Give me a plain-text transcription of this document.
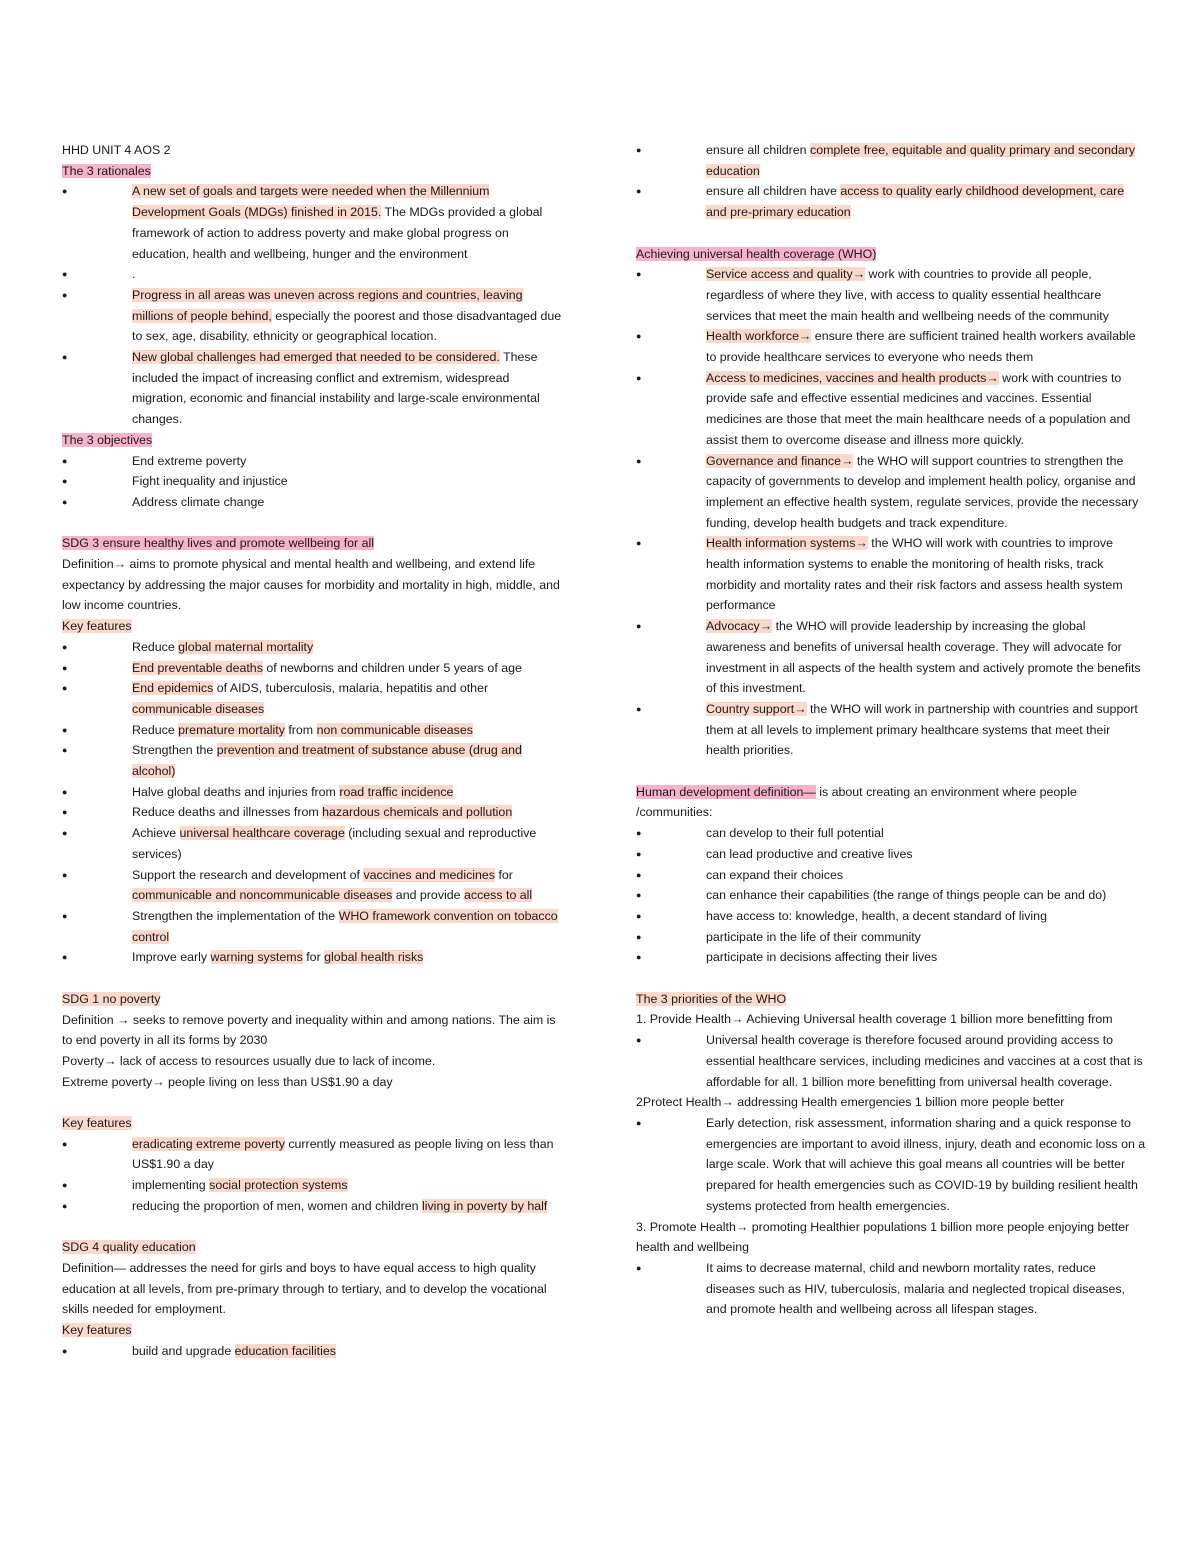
HHD UNIT 4 AOS 2
The 3 rationales
●
A new set of goals and targets were needed when the Millennium Development Goals (MDGs) finished in 2015. The MDGs provided a global framework of action to address poverty and make global progress on education, health and wellbeing, hunger and the environment
●
.
●
Progress in all areas was uneven across regions and countries, leaving millions of people behind, especially the poorest and those disadvantaged due to sex, age, disability, ethnicity or geographical location.
●
New global challenges had emerged that needed to be considered. These included the impact of increasing conflict and extremism, widespread migration, economic and financial instability and large-scale environmental changes.
The 3 objectives
●
End extreme poverty
●
Fight inequality and injustice
●
Address climate change
SDG 3 ensure healthy lives and promote wellbeing for all
Definition→ aims to promote physical and mental health and wellbeing, and extend life expectancy by addressing the major causes for morbidity and mortality in high, middle, and low income countries.
Key features
●
Reduce global maternal mortality
●
End preventable deaths of newborns and children under 5 years of age
●
End epidemics of AIDS, tuberculosis, malaria, hepatitis and other communicable diseases
●
Reduce premature mortality from non communicable diseases
●
Strengthen the prevention and treatment of substance abuse (drug and alcohol)
●
Halve global deaths and injuries from road traffic incidence
●
Reduce deaths and illnesses from hazardous chemicals and pollution
●
Achieve universal healthcare coverage (including sexual and reproductive services)
●
Support the research and development of vaccines and medicines for communicable and noncommunicable diseases and provide access to all
●
Strengthen the implementation of the WHO framework convention on tobacco control
●
Improve early warning systems for global health risks
SDG 1 no poverty
Definition → seeks to remove poverty and inequality within and among nations. The aim is to end poverty in all its forms by 2030
Poverty→ lack of access to resources usually due to lack of income.
Extreme poverty→ people living on less than US$1.90 a day
Key features
●
eradicating extreme poverty currently measured as people living on less than US$1.90 a day
●
implementing social protection systems
●
reducing the proportion of men, women and children living in poverty by half
SDG 4 quality education
Definition— addresses the need for girls and boys to have equal access to high quality education at all levels, from pre-primary through to tertiary, and to develop the vocational skills needed for employment.
Key features
●
build and upgrade education facilities
●
ensure all children complete free, equitable and quality primary and secondary education
●
ensure all children have access to quality early childhood development, care and pre-primary education
Achieving universal health coverage (WHO)
●
Service access and quality→ work with countries to provide all people, regardless of where they live, with access to quality essential healthcare services that meet the main health and wellbeing needs of the community
●
Health workforce→ ensure there are sufficient trained health workers available to provide healthcare services to everyone who needs them
●
Access to medicines, vaccines and health products→ work with countries to provide safe and effective essential medicines and vaccines. Essential medicines are those that meet the main healthcare needs of a population and assist them to overcome disease and illness more quickly.
●
Governance and finance→ the WHO will support countries to strengthen the capacity of governments to develop and implement health policy, organise and implement an effective health system, regulate services, provide the necessary funding, develop health budgets and track expenditure.
●
Health information systems→ the WHO will work with countries to improve health information systems to enable the monitoring of health risks, track morbidity and mortality rates and their risk factors and assess health system performance
●
Advocacy→ the WHO will provide leadership by increasing the global awareness and benefits of universal health coverage. They will advocate for investment in all aspects of the health system and actively promote the benefits of this investment.
●
Country support→ the WHO will work in partnership with countries and support them at all levels to implement primary healthcare systems that meet their health priorities.
Human development definition— is about creating an environment where people /communities:
●
can develop to their full potential
●
can lead productive and creative lives
●
can expand their choices
●
can enhance their capabilities (the range of things people can be and do)
●
have access to: knowledge, health, a decent standard of living
●
participate in the life of their community
●
participate in decisions affecting their lives
The 3 priorities of the WHO
1. Provide Health→ Achieving Universal health coverage 1 billion more benefitting from
●
Universal health coverage is therefore focused around providing access to essential healthcare services, including medicines and vaccines at a cost that is affordable for all. 1 billion more benefitting from universal health coverage.
2Protect Health→ addressing Health emergencies 1 billion more people better
●
Early detection, risk assessment, information sharing and a quick response to emergencies are important to avoid illness, injury, death and economic loss on a large scale. Work that will achieve this goal means all countries will be better prepared for health emergencies such as COVID-19 by building resilient health systems protected from health emergencies.
3. Promote Health→ promoting Healthier populations 1 billion more people enjoying better health and wellbeing
●
It aims to decrease maternal, child and newborn mortality rates, reduce diseases such as HIV, tuberculosis, malaria and neglected tropical diseases, and promote health and wellbeing across all lifespan stages.
